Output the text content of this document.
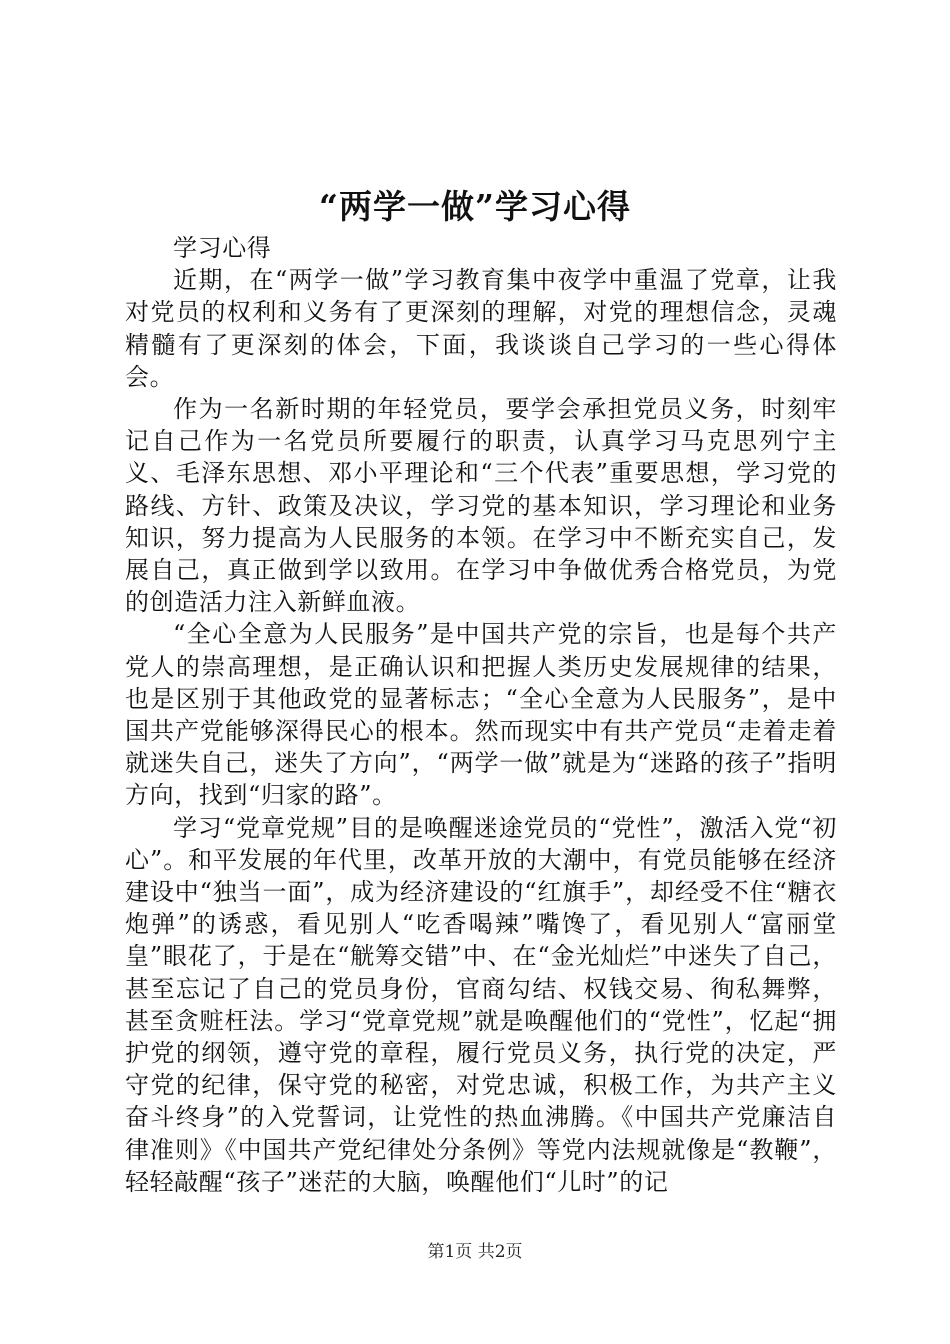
“两学一做”学习心得

学习心得

近期，在“两学一做”学习教育集中夜学中重温了党章，让我对党员的权利和义务有了更深刻的理解，对党的理想信念，灵魂精髓有了更深刻的体会，下面，我谈谈自己学习的一些心得体会。

作为一名新时期的年轻党员，要学会承担党员义务，时刻牢记自己作为一名党员所要履行的职责，认真学习马克思列宁主义、毛泽东思想、邓小平理论和“三个代表”重要思想，学习党的路线、方针、政策及决议，学习党的基本知识，学习理论和业务知识，努力提高为人民服务的本领。在学习中不断充实自己，发展自己，真正做到学以致用。在学习中争做优秀合格党员，为党的创造活力注入新鲜血液。

“全心全意为人民服务”是中国共产党的宗旨，也是每个共产党人的崇高理想，是正确认识和把握人类历史发展规律的结果，也是区别于其他政党的显著标志；“全心全意为人民服务”，是中国共产党能够深得民心的根本。然而现实中有共产党员“走着走着就迷失自己，迷失了方向”，“两学一做”就是为“迷路的孩子”指明方向，找到“归家的路”。

学习“党章党规”目的是唤醒迷途党员的“党性”，激活入党“初心”。和平发展的年代里，改革开放的大潮中，有党员能够在经济建设中“独当一面”，成为经济建设的“红旗手”，却经受不住“糖衣炮弹”的诱惑，看见别人“吃香喝辣”嘴馋了，看见别人“富丽堂皇”眼花了，于是在“觥筹交错”中、在“金光灿烂”中迷失了自己，甚至忘记了自己的党员身份，官商勾结、权钱交易、徇私舞弊，甚至贪赃枉法。学习“党章党规”就是唤醒他们的“党性”，忆起“拥护党的纲领，遵守党的章程，履行党员义务，执行党的决定，严守党的纪律，保守党的秘密，对党忠诚，积极工作，为共产主义奋斗终身”的入党誓词，让党性的热血沸腾。《中国共产党廉洁自律准则》《中国共产党纪律处分条例》等党内法规就像是“教鞭”，轻轻敲醒“孩子”迷茫的大脑，唤醒他们“儿时”的记

第1页 共2页
